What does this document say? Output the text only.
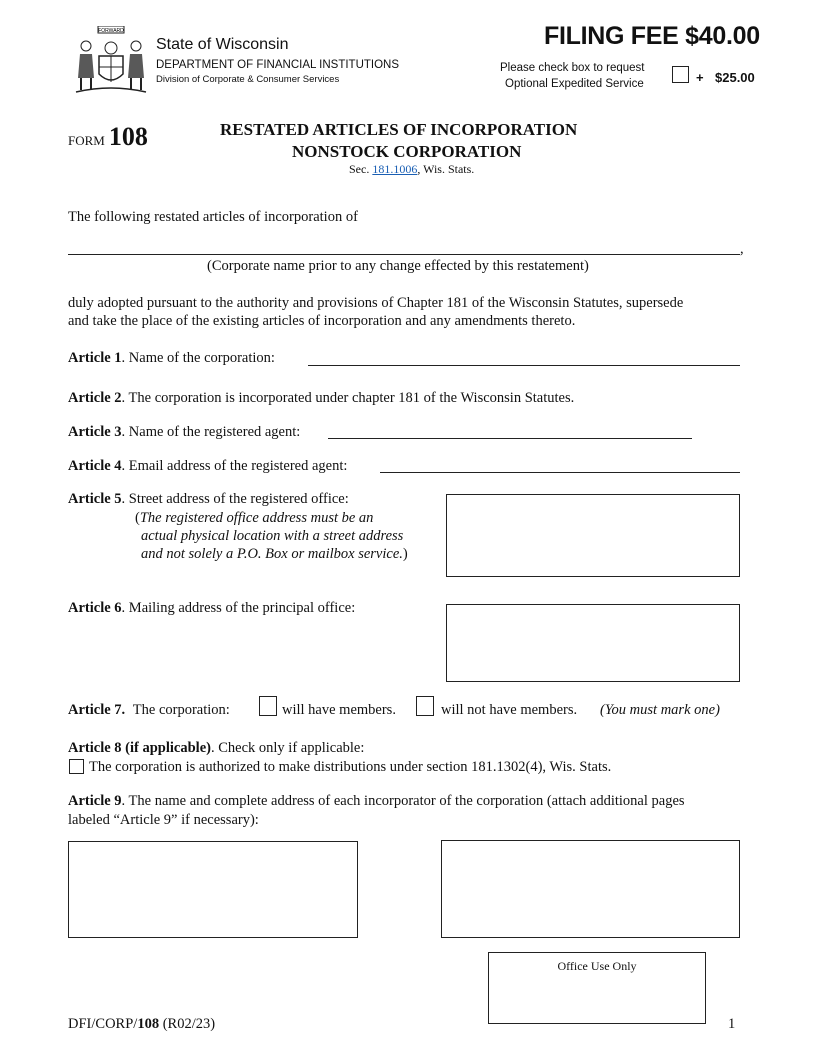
FORWARD
State of Wisconsin
DEPARTMENT OF FINANCIAL INSTITUTIONS
Division of Corporate & Consumer Services
FILING FEE $40.00
Please check box to request
Optional Expedited Service	+ $25.00
FORM 108	RESTATED ARTICLES OF INCORPORATION
NONSTOCK CORPORATION
Sec. 181.1006, Wis. Stats.
The following restated articles of incorporation of
,
(Corporate name prior to any change effected by this restatement)
duly adopted pursuant to the authority and provisions of Chapter 181 of the Wisconsin Statutes, supersede
and take the place of the existing articles of incorporation and any amendments thereto.
Article 1. Name of the corporation:
Article 2. The corporation is incorporated under chapter 181 of the Wisconsin Statutes.
Article 3. Name of the registered agent:
Article 4. Email address of the registered agent:
Article 5. Street address of the registered office:
(The registered office address must be an
actual physical location with a street address
and not solely a P.O. Box or mailbox service.)
Article 6. Mailing address of the principal office:
Article 7. The corporation:	will have members.	will not have members. (You must mark one)
Article 8 (if applicable). Check only if applicable:
The corporation is authorized to make distributions under section 181.1302(4), Wis. Stats.
Article 9. The name and complete address of each incorporator of the corporation (attach additional pages
labeled “Article 9” if necessary):
Office Use Only
DFI/CORP/108 (R02/23)	1
